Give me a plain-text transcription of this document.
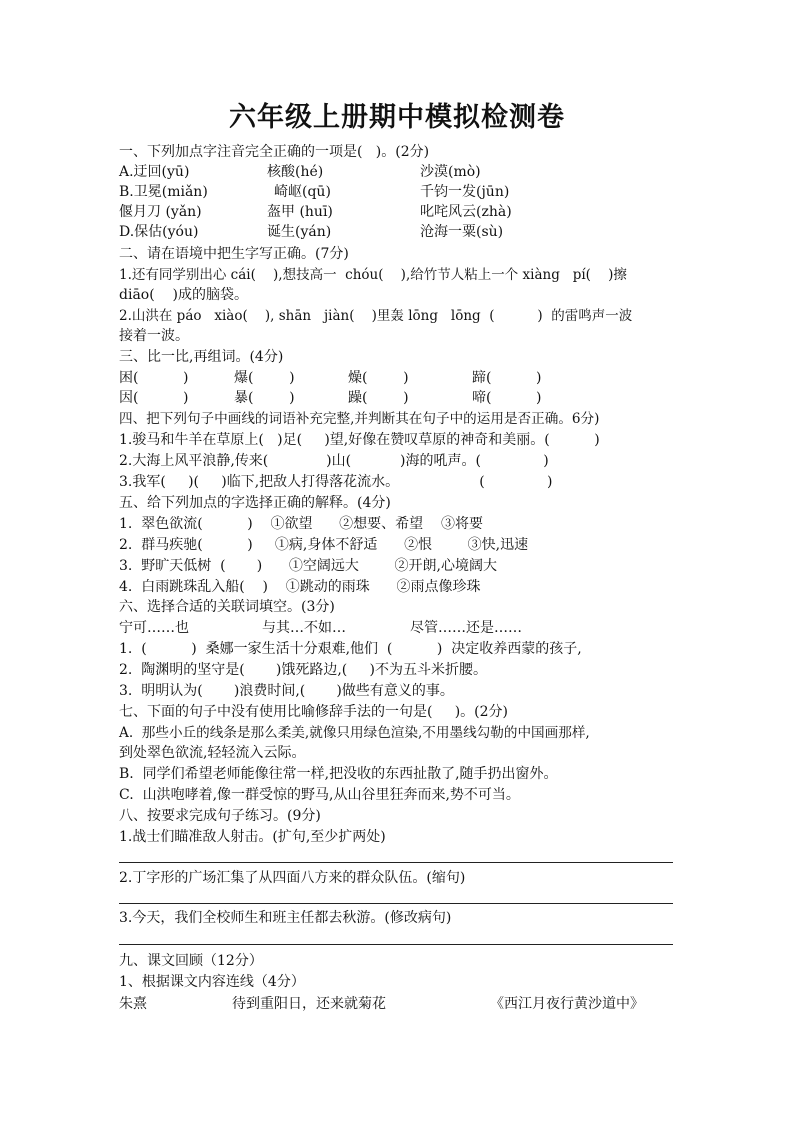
六年级上册期中模拟检测卷
一、下列加点字注音完全正确的一项是(   )。(2分)
A.迂回(yū)	核酸(hé)	沙漠(mò)
B.卫冕(miǎn)	崎岖(qū)	千钧一发(jūn)
偃月刀 (yǎn)	盔甲 (huī)	叱咤风云(zhà)
D.保估(yóu)	诞生(yán)	沧海一粟(sù)
二、请在语境中把生字写正确。(7分)
1.还有同学别出心 cái(    ),想技高一  chóu(    ),给竹节人粘上一个 xiàng   pí(    )擦
diāo(    )成的脑袋。
2.山洪在 páo   xiào(    ), shān   jiàn(    )里轰 lōng   lōng  (          )  的雷鸣声一波
接着一波。
三、比一比,再组词。(4分)
困(          )	爆(        )	燥(        )	蹄(          )
因(          )	暴(        )	躁(        )	啼(          )
四、把下列句子中画线的词语补充完整,并判断其在句子中的运用是否正确。6分)
1.骏马和牛羊在草原上(   )足(     )望,好像在赞叹草原的神奇和美丽。(          )
2.大海上风平浪静,传来(             )山(           )海的吼声。(              )
3.我军(     )(     )临下,把敌人打得落花流水。                  (              )
五、给下列加点的字选择正确的解释。(4分)
1.  翠色欲流(          )    ①欲望      ②想要、希望    ③将要
2.  群马疾驰(          )     ①病,身体不舒适      ②恨        ③快,迅速
3.  野旷天低树  (       )      ①空阔远大        ②开朗,心境阔大
4.  白雨跳珠乱入船(    )    ①跳动的雨珠      ②雨点像珍珠
六、选择合适的关联词填空。(3分)
宁可……也	与其…不如…	尽管……还是……
1.  (          )  桑娜一家生活十分艰难,他们  (          )  决定收养西蒙的孩子,
2.  陶渊明的坚守是(       )饿死路边,(     )不为五斗米折腰。
3.  明明认为(       )浪费时间,(       )做些有意义的事。
七、下面的句子中没有使用比喻修辞手法的一句是(     )。(2分)
A.  那些小丘的线条是那么柔美,就像只用绿色渲染,不用墨线勾勒的中国画那样,
到处翠色欲流,轻轻流入云际。
B.  同学们希望老师能像往常一样,把没收的东西扯散了,随手扔出窗外。
C.  山洪咆哮着,像一群受惊的野马,从山谷里狂奔而来,势不可当。
八、按要求完成句子练习。(9分)
1.战士们瞄准敌人射击。(扩句,至少扩两处)
2.丁字形的广场汇集了从四面八方来的群众队伍。(缩句)
3.今天，我们全校师生和班主任都去秋游。(修改病句)
九、课文回顾（12分）
1、根据课文内容连线（4分）
朱熹	待到重阳日，还来就菊花	《西江月夜行黄沙道中》
